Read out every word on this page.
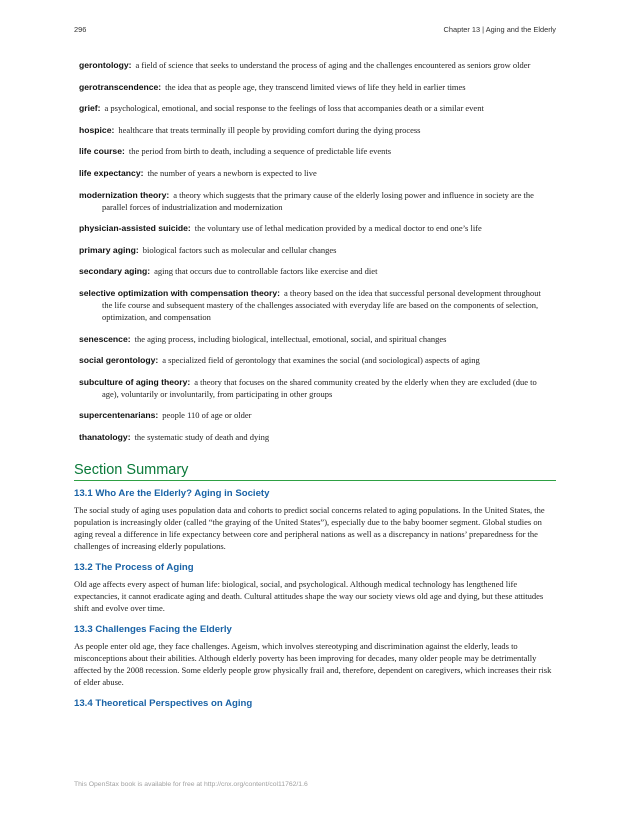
296	Chapter 13 | Aging and the Elderly
gerontology: a field of science that seeks to understand the process of aging and the challenges encountered as seniors grow older
gerotranscendence: the idea that as people age, they transcend limited views of life they held in earlier times
grief: a psychological, emotional, and social response to the feelings of loss that accompanies death or a similar event
hospice: healthcare that treats terminally ill people by providing comfort during the dying process
life course: the period from birth to death, including a sequence of predictable life events
life expectancy: the number of years a newborn is expected to live
modernization theory: a theory which suggests that the primary cause of the elderly losing power and influence in society are the parallel forces of industrialization and modernization
physician-assisted suicide: the voluntary use of lethal medication provided by a medical doctor to end one’s life
primary aging: biological factors such as molecular and cellular changes
secondary aging: aging that occurs due to controllable factors like exercise and diet
selective optimization with compensation theory: a theory based on the idea that successful personal development throughout the life course and subsequent mastery of the challenges associated with everyday life are based on the components of selection, optimization, and compensation
senescence: the aging process, including biological, intellectual, emotional, social, and spiritual changes
social gerontology: a specialized field of gerontology that examines the social (and sociological) aspects of aging
subculture of aging theory: a theory that focuses on the shared community created by the elderly when they are excluded (due to age), voluntarily or involuntarily, from participating in other groups
supercentenarians: people 110 of age or older
thanatology: the systematic study of death and dying
Section Summary
13.1 Who Are the Elderly? Aging in Society
The social study of aging uses population data and cohorts to predict social concerns related to aging populations. In the United States, the population is increasingly older (called “the graying of the United States”), especially due to the baby boomer segment. Global studies on aging reveal a difference in life expectancy between core and peripheral nations as well as a discrepancy in nations’ preparedness for the challenges of increasing elderly populations.
13.2 The Process of Aging
Old age affects every aspect of human life: biological, social, and psychological. Although medical technology has lengthened life expectancies, it cannot eradicate aging and death. Cultural attitudes shape the way our society views old age and dying, but these attitudes shift and evolve over time.
13.3 Challenges Facing the Elderly
As people enter old age, they face challenges. Ageism, which involves stereotyping and discrimination against the elderly, leads to misconceptions about their abilities. Although elderly poverty has been improving for decades, many older people may be detrimentally affected by the 2008 recession. Some elderly people grow physically frail and, therefore, dependent on caregivers, which increases their risk of elder abuse.
13.4 Theoretical Perspectives on Aging
This OpenStax book is available for free at http://cnx.org/content/col11762/1.6
